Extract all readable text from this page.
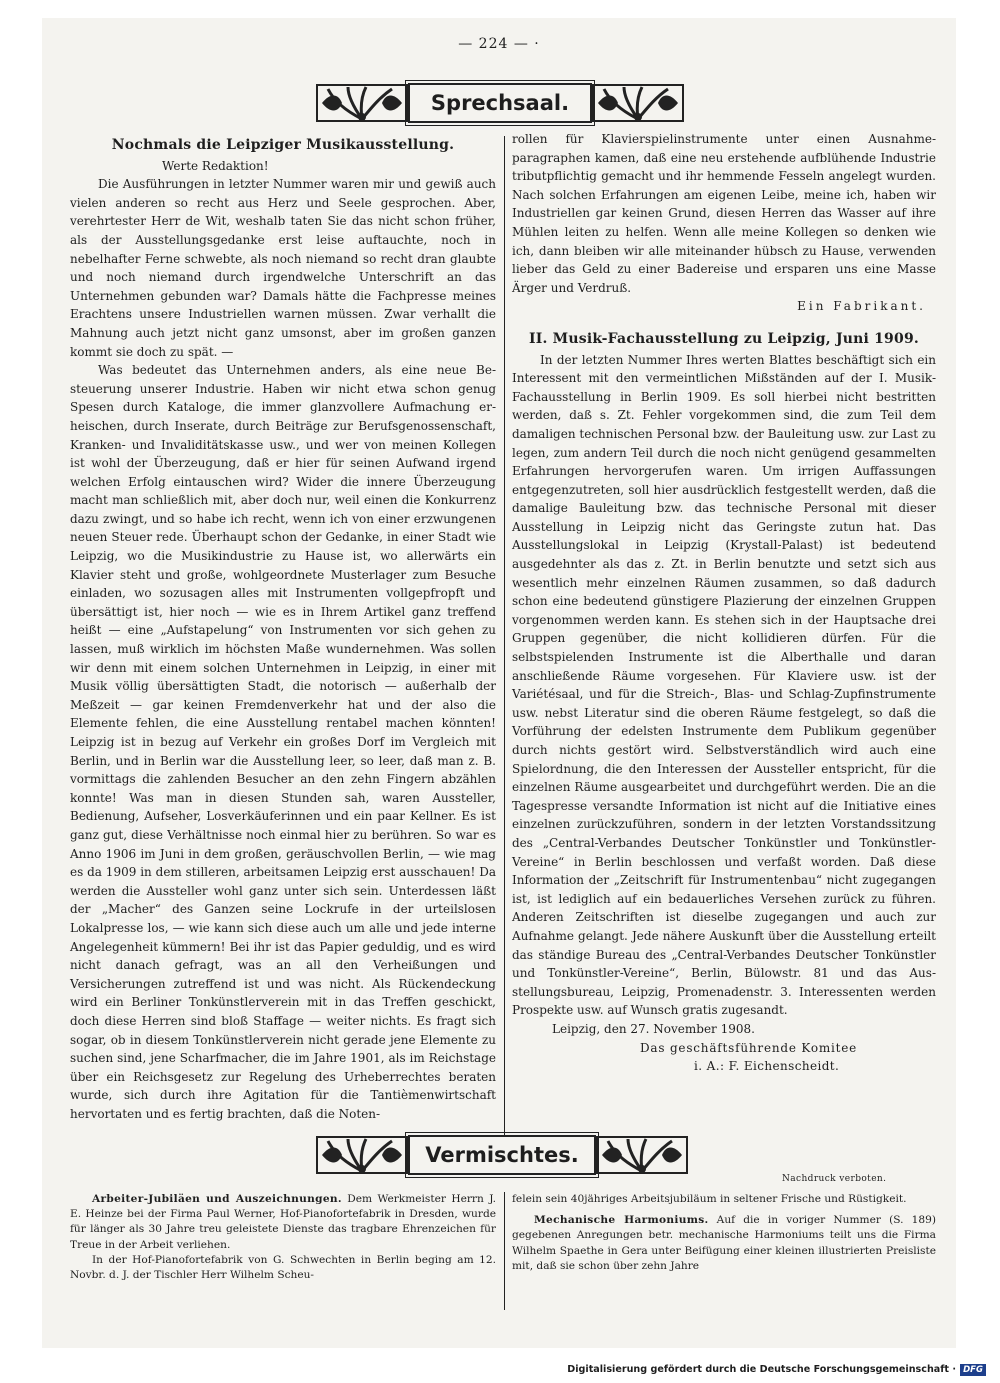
— 224 — ·
Sprechsaal.
Nochmals die Leipziger Musikausstellung.

Werte Redaktion!

Die Ausführungen in letzter Nummer waren mir und gewiß auch vielen anderen so recht aus Herz und Seele gesprochen. Aber, verehrtester Herr de Wit, weshalb taten Sie das nicht schon früher, als der Ausstellungsgedanke erst leise auftauchte, noch in nebelhafter Ferne schwebte, als noch niemand so recht dran glaubte und noch niemand durch irgendwelche Unterschrift an das Unternehmen gebunden war? Damals hätte die Fachpresse meines Erachtens unsere Industriellen warnen müssen. Zwar verhallt die Mahnung auch jetzt nicht ganz umsonst, aber im großen ganzen kommt sie doch zu spät. —

Was bedeutet das Unternehmen anders, als eine neue Besteuerung unserer Industrie. Haben wir nicht etwa schon genug Spesen durch Kataloge, die immer glanzvollere Aufmachung erheischen, durch Inserate, durch Beiträge zur Berufsgenossenschaft, Kranken- und Invaliditätskasse usw., und wer von meinen Kollegen ist wohl der Überzeugung, daß er hier für seinen Aufwand irgend welchen Erfolg eintauschen wird? Wider die innere Überzeugung macht man schließlich mit, aber doch nur, weil einen die Konkurrenz dazu zwingt, und so habe ich recht, wenn ich von einer erzwungenen neuen Steuer rede. Überhaupt schon der Gedanke, in einer Stadt wie Leipzig, wo die Musikindustrie zu Hause ist, wo allerwärts ein Klavier steht und große, wohlgeordnete Musterlager zum Besuche einladen, wo sozusagen alles mit Instrumenten vollgepfropft und übersättigt ist, hier noch — wie es in Ihrem Artikel ganz treffend heißt — eine „Aufstapelung“ von Instrumenten vor sich gehen zu lassen, muß wirklich im höchsten Maße wundernehmen. Was sollen wir denn mit einem solchen Unternehmen in Leipzig, in einer mit Musik völlig übersättigten Stadt, die notorisch — außerhalb der Meßzeit — gar keinen Fremdenverkehr hat und der also die Elemente fehlen, die eine Ausstellung rentabel machen könnten! Leipzig ist in bezug auf Verkehr ein großes Dorf im Vergleich mit Berlin, und in Berlin war die Ausstellung leer, so leer, daß man z. B. vormittags die zahlenden Besucher an den zehn Fingern abzählen konnte! Was man in diesen Stunden sah, waren Aussteller, Bedienung, Aufseher, Losverkäuferinnen und ein paar Kellner. Es ist ganz gut, diese Verhältnisse noch einmal hier zu berühren. So war es Anno 1906 im Juni in dem großen, geräuschvollen Berlin, — wie mag es da 1909 in dem stilleren, arbeitsamen Leipzig erst ausschauen! Da werden die Aussteller wohl ganz unter sich sein. Unterdessen läßt der „Macher“ des Ganzen seine Lockrufe in der urteilslosen Lokalpresse los, — wie kann sich diese auch um alle und jede interne Angelegenheit kümmern! Bei ihr ist das Papier geduldig, und es wird nicht danach gefragt, was an all den Verheißungen und Versicherungen zutreffend ist und was nicht. Als Rückendeckung wird ein Berliner Tonkünstlerverein mit in das Treffen geschickt, doch diese Herren sind bloß Staffage — weiter nichts. Es fragt sich sogar, ob in diesem Tonkünstlerverein nicht gerade jene Elemente zu suchen sind, jene Scharfmacher, die im Jahre 1901, als im Reichstage über ein Reichsgesetz zur Regelung des Urheberrechtes beraten wurde, sich durch ihre Agitation für die Tantièmenwirtschaft hervortaten und es fertig brachten, daß die Noten-

rollen für Klavierspielinstrumente unter einen Ausnahmeparagraphen kamen, daß eine neu erstehende aufblühende Industrie tributpflichtig gemacht und ihr hemmende Fesseln angelegt wurden. Nach solchen Erfahrungen am eigenen Leibe, meine ich, haben wir Industriellen gar keinen Grund, diesen Herren das Wasser auf ihre Mühlen leiten zu helfen. Wenn alle meine Kollegen so denken wie ich, dann bleiben wir alle miteinander hübsch zu Hause, verwenden lieber das Geld zu einer Badereise und ersparen uns eine Masse Ärger und Verdruß.

Ein Fabrikant.

II. Musik-Fachausstellung zu Leipzig, Juni 1909.

In der letzten Nummer Ihres werten Blattes beschäftigt sich ein Interessent mit den vermeintlichen Mißständen auf der I. Musik-Fachausstellung in Berlin 1909. Es soll hierbei nicht bestritten werden, daß s. Zt. Fehler vorgekommen sind, die zum Teil dem damaligen technischen Personal bzw. der Bauleitung usw. zur Last zu legen, zum andern Teil durch die noch nicht genügend gesammelten Erfahrungen hervorgerufen waren. Um irrigen Auffassungen entgegenzutreten, soll hier ausdrücklich festgestellt werden, daß die damalige Bauleitung bzw. das technische Personal mit dieser Ausstellung in Leipzig nicht das Geringste zutun hat. Das Ausstellungslokal in Leipzig (Krystall-Palast) ist bedeutend ausgedehnter als das z. Zt. in Berlin benutzte und setzt sich aus wesentlich mehr einzelnen Räumen zusammen, so daß dadurch schon eine bedeutend günstigere Plazierung der einzelnen Gruppen vorgenommen werden kann. Es stehen sich in der Hauptsache drei Gruppen gegenüber, die nicht kollidieren dürfen. Für die selbstspielenden Instrumente ist die Alberthalle und daran anschließende Räume vorgesehen. Für Klaviere usw. ist der Variétésaal, und für die Streich-, Blas- und Schlag-Zupfinstrumente usw. nebst Literatur sind die oberen Räume festgelegt, so daß die Vorführung der edelsten Instrumente dem Publikum gegenüber durch nichts gestört wird. Selbstverständlich wird auch eine Spielordnung, die den Interessen der Aussteller entspricht, für die einzelnen Räume ausgearbeitet und durchgeführt werden. Die an die Tagespresse versandte Information ist nicht auf die Initiative eines einzelnen zurückzuführen, sondern in der letzten Vorstandssitzung des „Central-Verbandes Deutscher Tonkünstler und Tonkünstler-Vereine“ in Berlin beschlossen und verfaßt worden. Daß diese Information der „Zeitschrift für Instrumentenbau“ nicht zugegangen ist, ist lediglich auf ein bedauerliches Versehen zurück zu führen. Anderen Zeitschriften ist dieselbe zugegangen und auch zur Aufnahme gelangt. Jede nähere Auskunft über die Ausstellung erteilt das ständige Bureau des „Central-Verbandes Deutscher Tonkünstler und Tonkünstler-Vereine“, Berlin, Bülowstr. 81 und das Ausstellungsbureau, Leipzig, Promenadenstr. 3. Interessenten werden Prospekte usw. auf Wunsch gratis zugesandt.

Leipzig, den 27. November 1908.

Das geschäftsführende Komitee

i. A.: F. Eichenscheidt.

Vermischtes.
Nachdruck verboten.

Arbeiter-Jubiläen und Auszeichnungen. Dem Werkmeister Herrn J. E. Heinze bei der Firma Paul Werner, Hof-Pianofortefabrik in Dresden, wurde für länger als 30 Jahre treu geleistete Dienste das tragbare Ehrenzeichen für Treue in der Arbeit verliehen.

In der Hof-Pianofortefabrik von G. Schwechten in Berlin beging am 12. Novbr. d. J. der Tischler Herr Wilhelm Scheu-

felein sein 40jähriges Arbeitsjubiläum in seltener Frische und Rüstigkeit.

Mechanische Harmoniums. Auf die in voriger Nummer (S. 189) gegebenen Anregungen betr. mechanische Harmoniums teilt uns die Firma Wilhelm Spaethe in Gera unter Beifügung einer kleinen illustrierten Preisliste mit, daß sie schon über zehn Jahre

Digitalisierung gefördert durch die Deutsche Forschungsgemeinschaft · DFG
